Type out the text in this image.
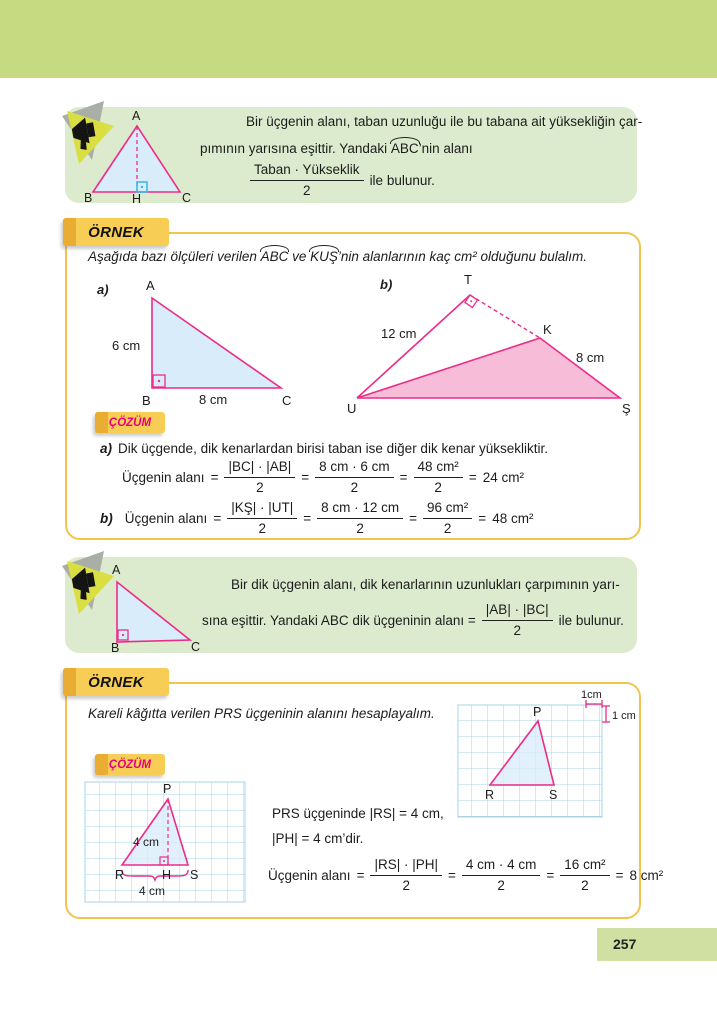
A
B	C
H
Bir üçgenin alanı, taban uzunluğu ile bu tabana ait yüksekliğin çar-
pımının yarısına eşittir. Yandaki ABC’nin alanı
$\frac{\text{Taban · Yükseklik}}{2}$ ile bulunur.
ÖRNEK
Aşağıda bazı ölçüleri verilen ABC ve KUŞ’nin alanlarının kaç cm² olduğunu bulalım.
a)	A
6 cm
B	8 cm	C
b)	T
12 cm	K
8 cm
U	Ş
ÇÖZÜM
a) Dik üçgende, dik kenarlardan birisi taban ise diğer dik kenar yüksekliktir.
Üçgenin alanı = $\frac{|BC| \cdot |AB|}{2} = \frac{8 cm \cdot 6 cm}{2} = \frac{\text{48 cm²}}{2} = 24$ cm²
b) Üçgenin alanı = $\frac{|KŞ| \cdot |UT|}{2} = \frac{8 cm \cdot 12 cm}{2} = \frac{\text{96 cm²}}{2} = 48$ cm²
A
B	C
Bir dik üçgenin alanı, dik kenarlarının uzunlukları çarpımının yarı-
sına eşittir. Yandaki ABC dik üçgeninin alanı = $\frac{|AB| \cdot |BC|}{2}$ ile bulunur.
ÖRNEK
Kareli kâğıtta verilen PRS üçgeninin alanını hesaplayalım.	P
R	S
1cm
1 cm
ÇÖZÜM
P
4 cm
R	H S
4 cm
PRS üçgeninde |RS| = 4 cm,
|PH| = 4 cm’dir.
Üçgenin alanı = $\frac{|RS| \cdot |PH|}{2} = \frac{4 cm \cdot 4 cm}{2} = \frac{\text{16 cm²}}{2} = 8$ cm²
257
